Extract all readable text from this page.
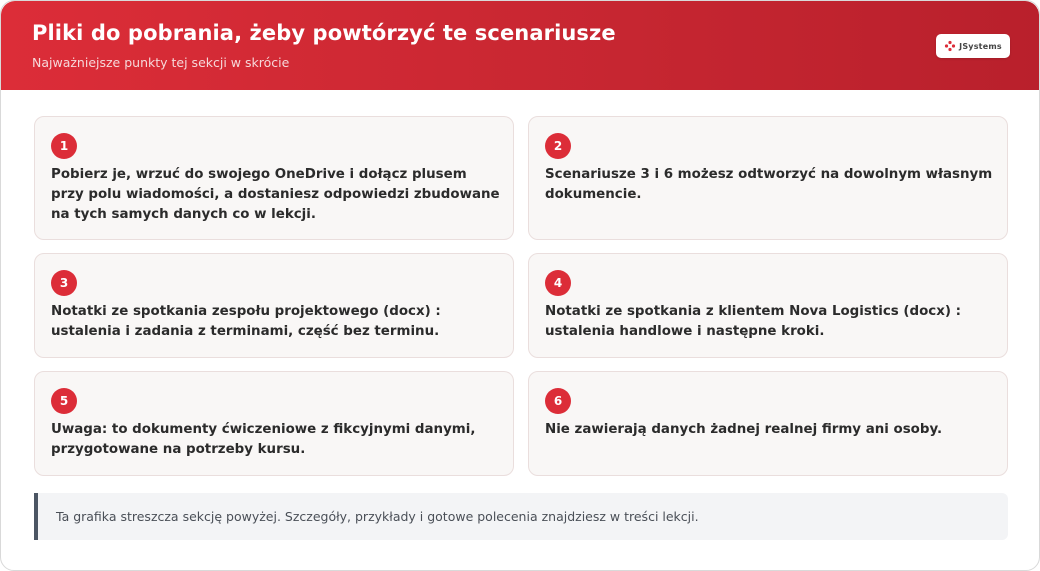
Pliki do pobrania, żeby powtórzyć te scenariusze
Najważniejsze punkty tej sekcji w skrócie
JSystems
1
Pobierz je, wrzuć do swojego OneDrive i dołącz plusem przy polu wiadomości, a dostaniesz odpowiedzi zbudowane na tych samych danych co w lekcji.
2
Scenariusze 3 i 6 możesz odtworzyć na dowolnym własnym dokumencie.
3
Notatki ze spotkania zespołu projektowego (docx) : ustalenia i zadania z terminami, część bez terminu.
4
Notatki ze spotkania z klientem Nova Logistics (docx) : ustalenia handlowe i następne kroki.
5
Uwaga: to dokumenty ćwiczeniowe z fikcyjnymi danymi, przygotowane na potrzeby kursu.
6
Nie zawierają danych żadnej realnej firmy ani osoby.
Ta grafika streszcza sekcję powyżej. Szczegóły, przykłady i gotowe polecenia znajdziesz w treści lekcji.
